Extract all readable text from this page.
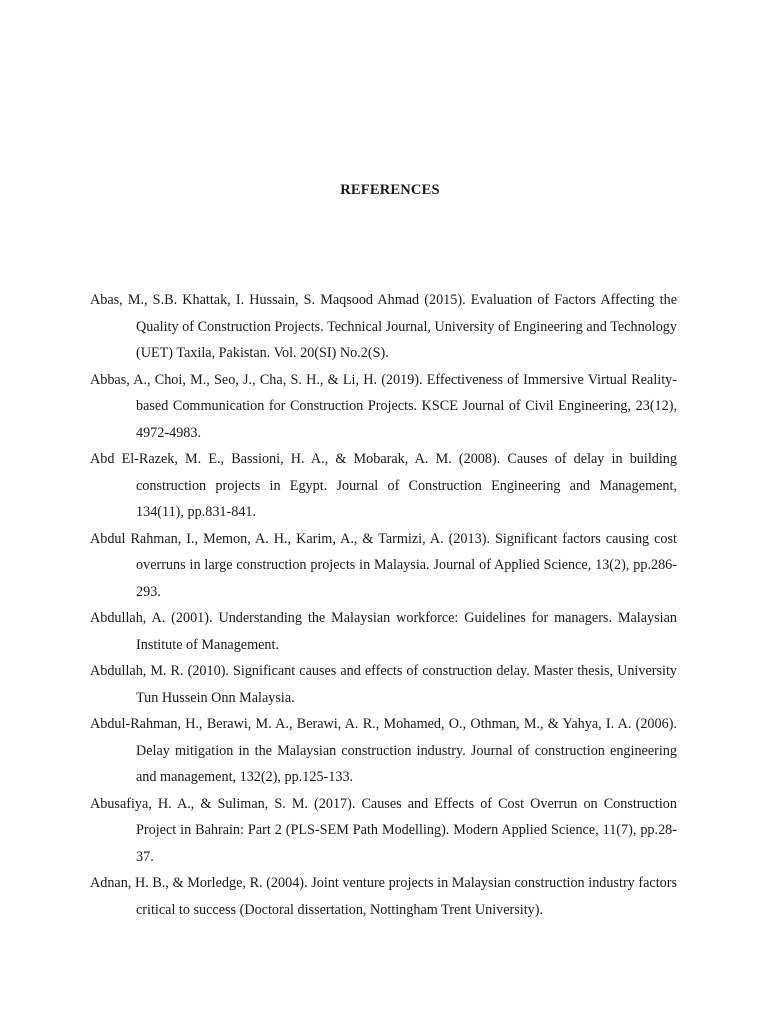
REFERENCES

Abas, M., S.B. Khattak, I. Hussain, S. Maqsood Ahmad (2015). Evaluation of Factors Affecting the Quality of Construction Projects. Technical Journal, University of Engineering and Technology (UET) Taxila, Pakistan. Vol. 20(SI) No.2(S).

Abbas, A., Choi, M., Seo, J., Cha, S. H., & Li, H. (2019). Effectiveness of Immersive Virtual Reality-based Communication for Construction Projects. KSCE Journal of Civil Engineering, 23(12), 4972-4983.

Abd El-Razek, M. E., Bassioni, H. A., & Mobarak, A. M. (2008). Causes of delay in building construction projects in Egypt. Journal of Construction Engineering and Management, 134(11), pp.831-841.

Abdul Rahman, I., Memon, A. H., Karim, A., & Tarmizi, A. (2013). Significant factors causing cost overruns in large construction projects in Malaysia. Journal of Applied Science, 13(2), pp.286-293.

Abdullah, A. (2001). Understanding the Malaysian workforce: Guidelines for managers. Malaysian Institute of Management.

Abdullah, M. R. (2010). Significant causes and effects of construction delay. Master thesis, University Tun Hussein Onn Malaysia.

Abdul-Rahman, H., Berawi, M. A., Berawi, A. R., Mohamed, O., Othman, M., & Yahya, I. A. (2006). Delay mitigation in the Malaysian construction industry. Journal of construction engineering and management, 132(2), pp.125-133.

Abusafiya, H. A., & Suliman, S. M. (2017). Causes and Effects of Cost Overrun on Construction Project in Bahrain: Part 2 (PLS-SEM Path Modelling). Modern Applied Science, 11(7), pp.28-37.

Adnan, H. B., & Morledge, R. (2004). Joint venture projects in Malaysian construction industry factors critical to success (Doctoral dissertation, Nottingham Trent University).
